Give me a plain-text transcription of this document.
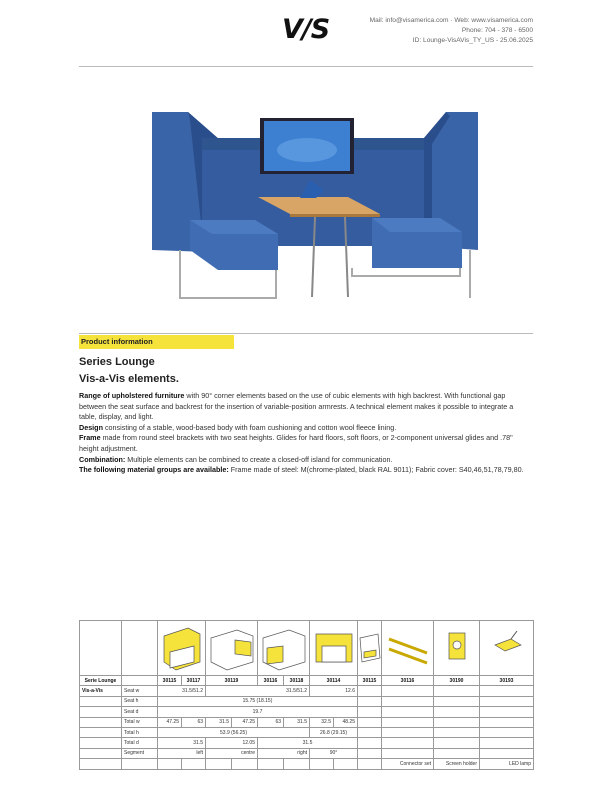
V/S	Mail: info@visamerica.com · Web: www.visamerica.com
Phone: 704 - 378 - 6500
ID: Lounge-VisAVis_TY_US - 25.06.2025
Product information
Series Lounge
Vis-a-Vis elements.

Range of upholstered furniture with 90° corner elements based on the use of cubic elements with high backrest. With functional gap between the seat surface and backrest for the insertion of variable-position armrests. A technical element makes it possible to integrate a table, display, and light.

Design consisting of a stable, wood-based body with foam cushioning and cotton wool fleece lining.

Frame made from round steel brackets with two seat heights. Glides for hard floors, soft floors, or 2-component universal glides and .78" height adjustment.

Combination: Multiple elements can be combined to create a closed-off island for communication.

The following material groups are available: Frame made of steel: M(chrome-plated, black RAL 9011); Fabric cover: S40,46,51,78,79,80.

Serie Lounge		30115	30117	30119		30116	30118	30114		30115	30116	30190	30193	
Vis-a-Vis	Seat w	31.5/51.2		31.5/51.2				12.6						
	Seat h	15.75 (18.15)												
	Seat d	19.7												
	Total w	47.25	63	31.5	47.25	63	31.5	32.5	48.25					
	Total h	53.9 (56.25)						26.8 (29.15)						
	Total d	31.5		12.05		31.5								
	Segment	left		centre		right		90°						
											Connector set	Screen holder	LED lamp	
